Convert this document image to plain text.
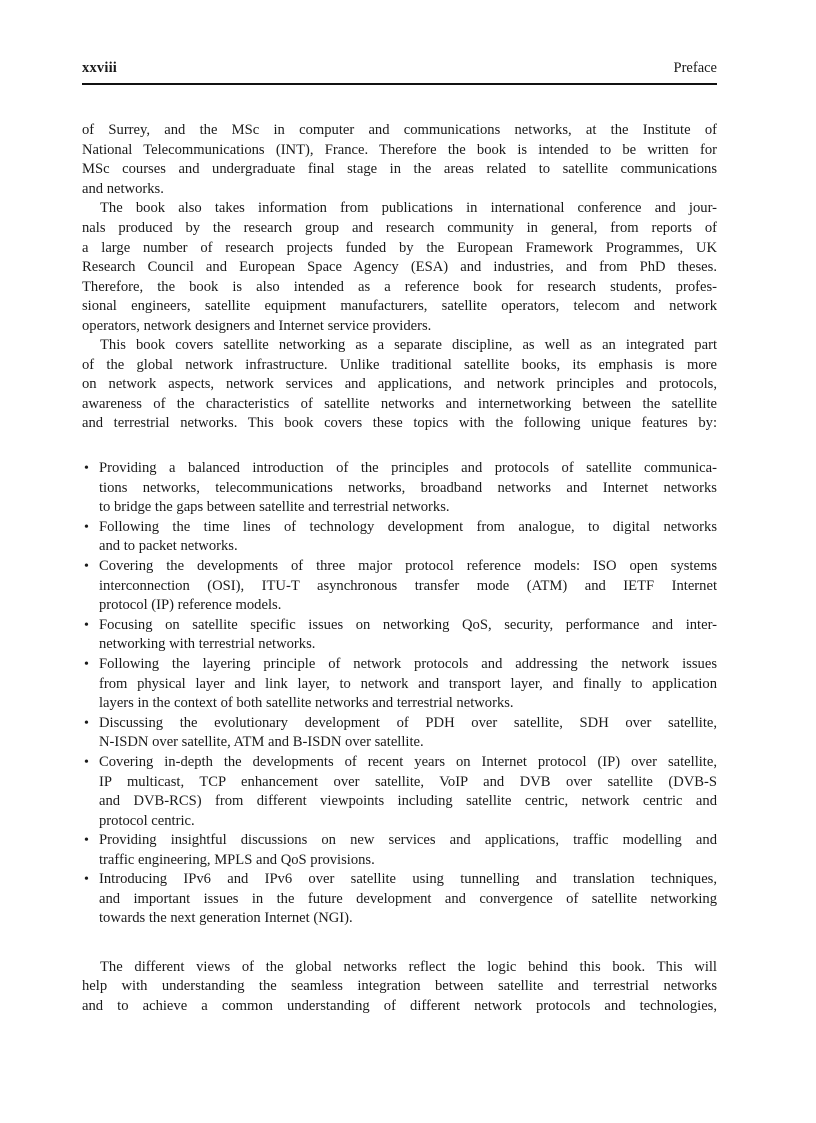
xxviii	Preface
of Surrey, and the MSc in computer and communications networks, at the Institute of
National Telecommunications (INT), France. Therefore the book is intended to be written for
MSc courses and undergraduate final stage in the areas related to satellite communications
and networks.
The book also takes information from publications in international conference and jour-
nals produced by the research group and research community in general, from reports of
a large number of research projects funded by the European Framework Programmes, UK
Research Council and European Space Agency (ESA) and industries, and from PhD theses.
Therefore, the book is also intended as a reference book for research students, profes-
sional engineers, satellite equipment manufacturers, satellite operators, telecom and network
operators, network designers and Internet service providers.
This book covers satellite networking as a separate discipline, as well as an integrated part
of the global network infrastructure. Unlike traditional satellite books, its emphasis is more
on network aspects, network services and applications, and network principles and protocols,
awareness of the characteristics of satellite networks and internetworking between the satellite
and terrestrial networks. This book covers these topics with the following unique features by:
• Providing a balanced introduction of the principles and protocols of satellite communica-
tions networks, telecommunications networks, broadband networks and Internet networks
to bridge the gaps between satellite and terrestrial networks.
• Following the time lines of technology development from analogue, to digital networks
and to packet networks.
• Covering the developments of three major protocol reference models: ISO open systems
interconnection (OSI), ITU-T asynchronous transfer mode (ATM) and IETF Internet
protocol (IP) reference models.
• Focusing on satellite specific issues on networking QoS, security, performance and inter-
networking with terrestrial networks.
• Following the layering principle of network protocols and addressing the network issues
from physical layer and link layer, to network and transport layer, and finally to application
layers in the context of both satellite networks and terrestrial networks.
• Discussing the evolutionary development of PDH over satellite, SDH over satellite,
N-ISDN over satellite, ATM and B-ISDN over satellite.
• Covering in-depth the developments of recent years on Internet protocol (IP) over satellite,
IP multicast, TCP enhancement over satellite, VoIP and DVB over satellite (DVB-S
and DVB-RCS) from different viewpoints including satellite centric, network centric and
protocol centric.
• Providing insightful discussions on new services and applications, traffic modelling and
traffic engineering, MPLS and QoS provisions.
• Introducing IPv6 and IPv6 over satellite using tunnelling and translation techniques,
and important issues in the future development and convergence of satellite networking
towards the next generation Internet (NGI).
The different views of the global networks reflect the logic behind this book. This will
help with understanding the seamless integration between satellite and terrestrial networks
and to achieve a common understanding of different network protocols and technologies,
